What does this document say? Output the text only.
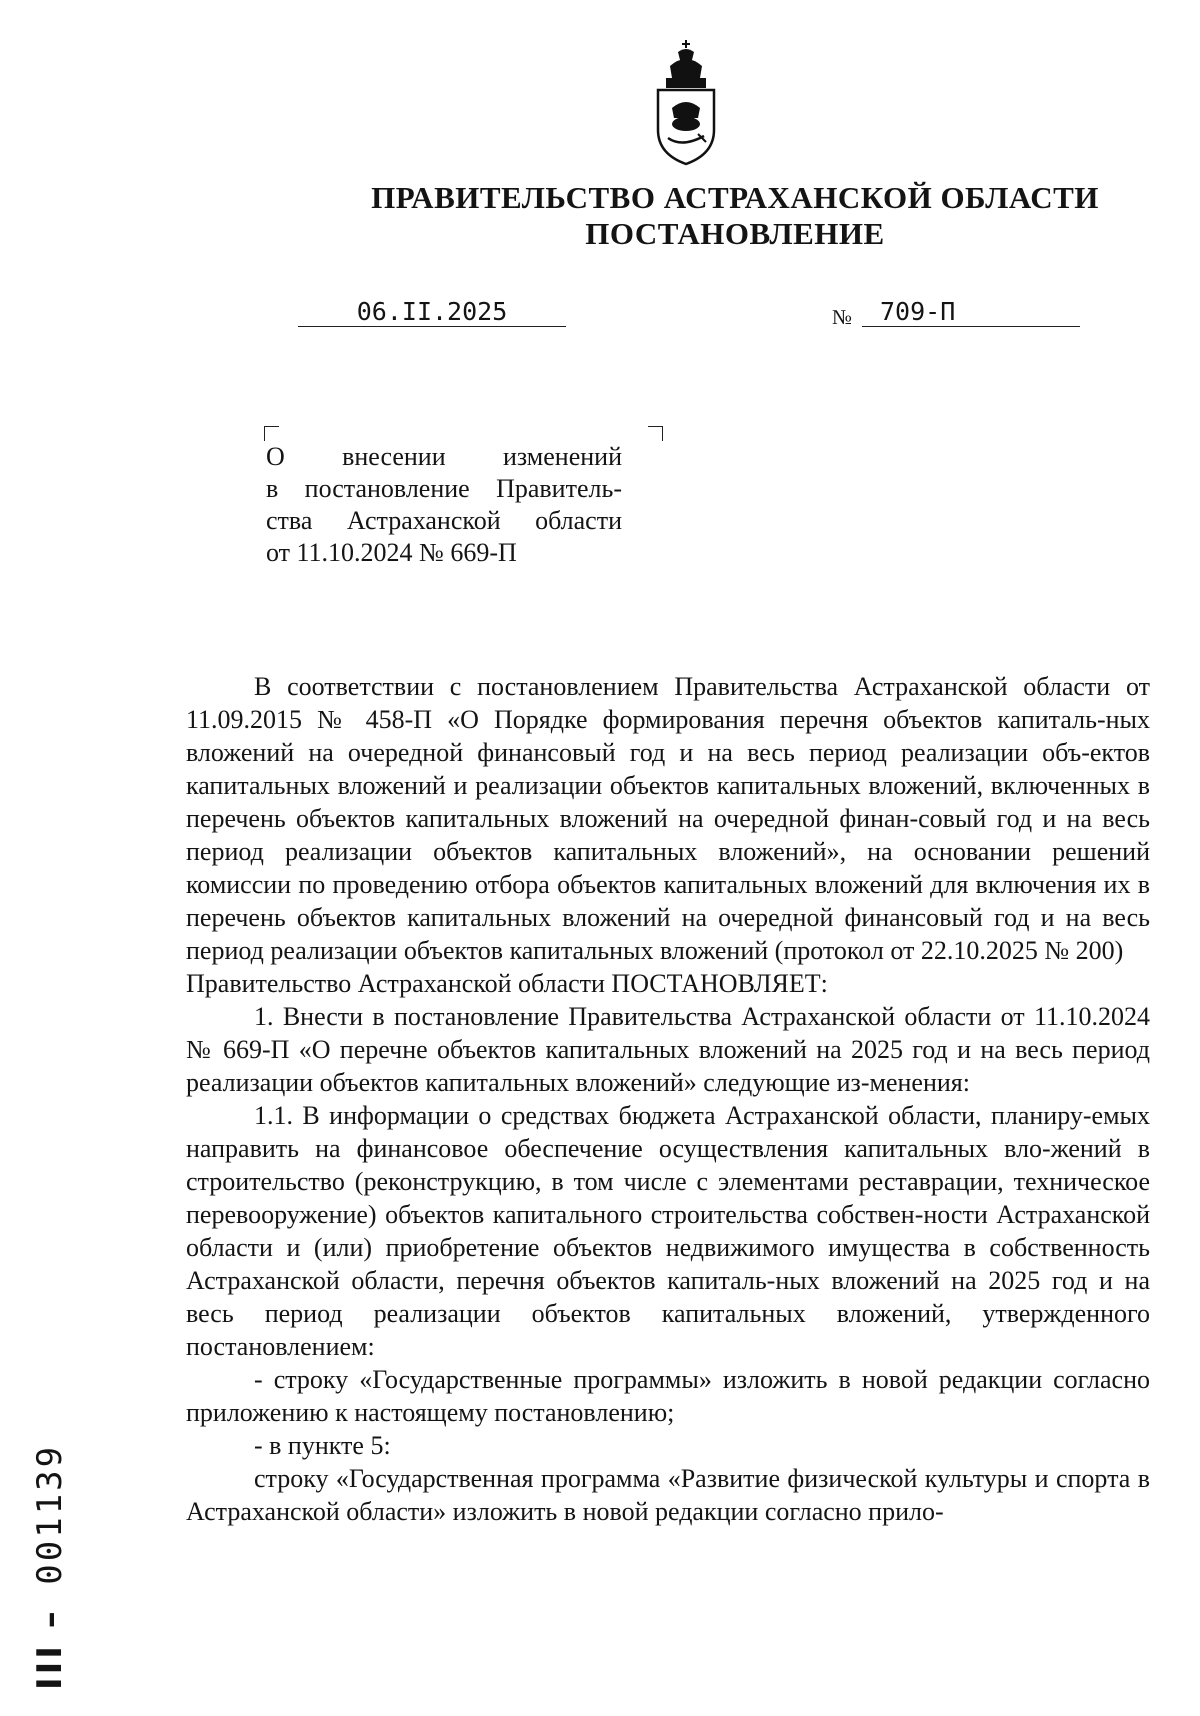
ПРАВИТЕЛЬСТВО АСТРАХАНСКОЙ ОБЛАСТИ
ПОСТАНОВЛЕНИЕ
06.II.2025	№	709-П
О внесении изменений
в постановление Правитель-
ства Астраханской области
от 11.10.2024 № 669-П

В соответствии с постановлением Правительства Астраханской области от 11.09.2015 № 458-П «О Порядке формирования перечня объектов капиталь-ных вложений на очередной финансовый год и на весь период реализации объ-ектов капитальных вложений и реализации объектов капитальных вложений, включенных в перечень объектов капитальных вложений на очередной финан-совый год и на весь период реализации объектов капитальных вложений», на основании решений комиссии по проведению отбора объектов капитальных вложений для включения их в перечень объектов капитальных вложений на очередной финансовый год и на весь период реализации объектов капитальных вложений (протокол от 22.10.2025 № 200)

Правительство Астраханской области ПОСТАНОВЛЯЕТ:

1. Внести в постановление Правительства Астраханской области от 11.10.2024 № 669-П «О перечне объектов капитальных вложений на 2025 год и на весь период реализации объектов капитальных вложений» следующие из-менения:

1.1. В информации о средствах бюджета Астраханской области, планиру-емых направить на финансовое обеспечение осуществления капитальных вло-жений в строительство (реконструкцию, в том числе с элементами реставрации, техническое перевооружение) объектов капитального строительства собствен-ности Астраханской области и (или) приобретение объектов недвижимого имущества в собственность Астраханской области, перечня объектов капиталь-ных вложений на 2025 год и на весь период реализации объектов капитальных вложений, утвержденного постановлением:

- строку «Государственные программы» изложить в новой редакции согласно приложению к настоящему постановлению;

- в пункте 5:

строку «Государственная программа «Развитие физической культуры и спорта в Астраханской области» изложить в новой редакции согласно прило-

III – 001139
